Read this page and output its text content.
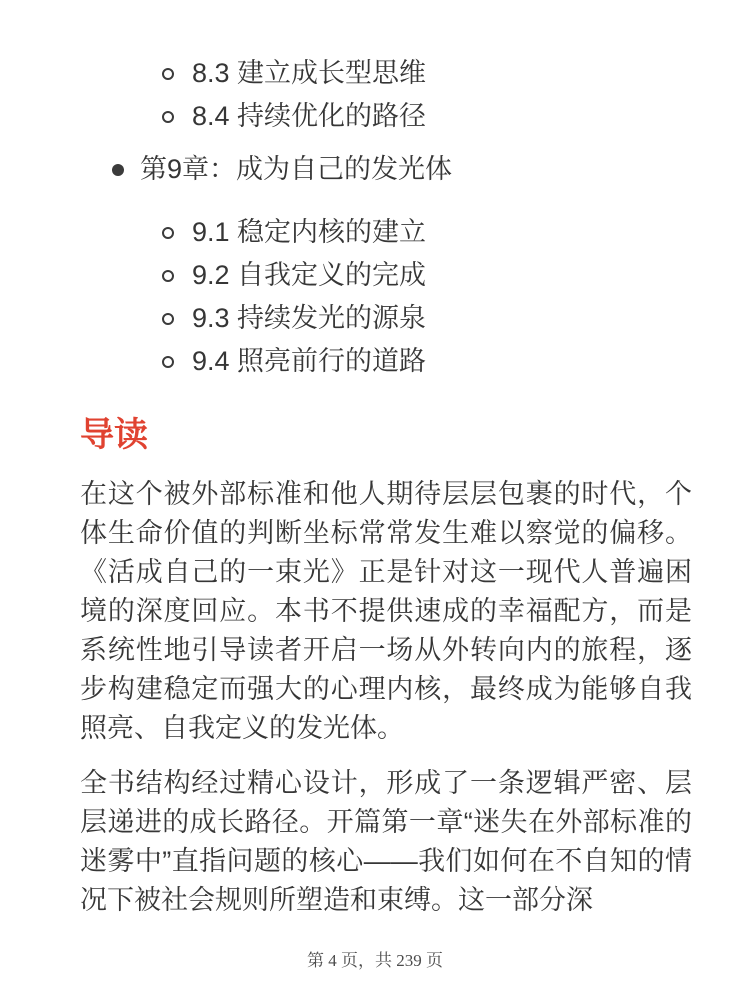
8.3 建立成长型思维
8.4 持续优化的路径
第9章：成为自己的发光体
9.1 稳定内核的建立
9.2 自我定义的完成
9.3 持续发光的源泉
9.4 照亮前行的道路
导读

在这个被外部标准和他人期待层层包裹的时代，个体生命价值的判断坐标常常发生难以察觉的偏移。《活成自己的一束光》正是针对这一现代人普遍困境的深度回应。本书不提供速成的幸福配方，而是系统性地引导读者开启一场从外转向内的旅程，逐步构建稳定而强大的心理内核，最终成为能够自我照亮、自我定义的发光体。

全书结构经过精心设计，形成了一条逻辑严密、层层递进的成长路径。开篇第一章“迷失在外部标准的迷雾中”直指问题的核心——我们如何在不自知的情况下被社会规则所塑造和束缚。这一部分深

第 4 页，共 239 页
